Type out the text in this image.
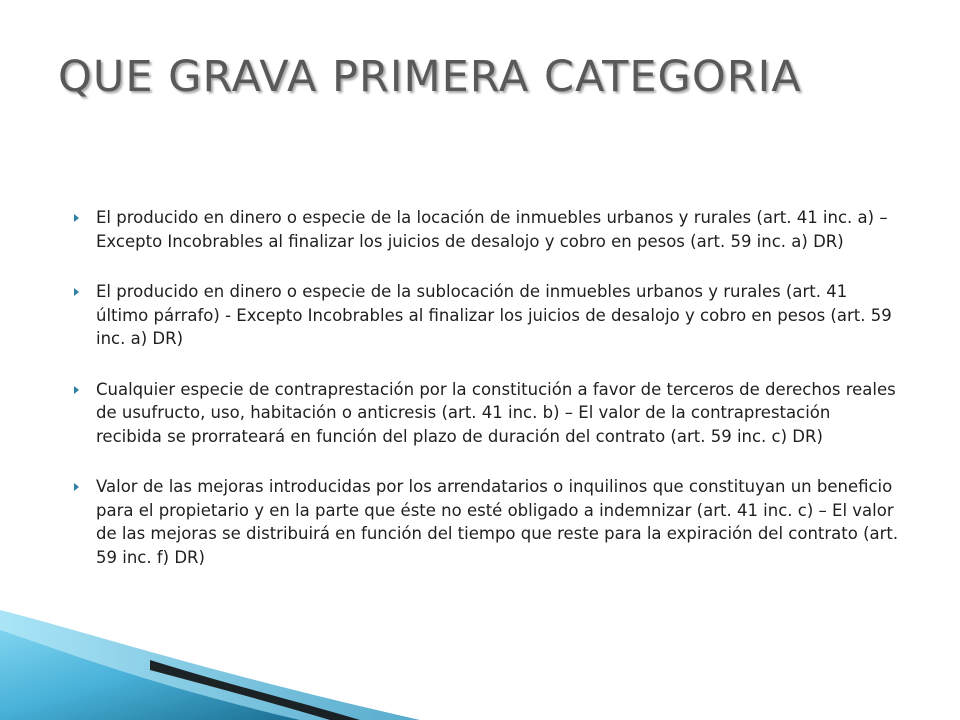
QUE GRAVA PRIMERA CATEGORIA
El producido en dinero o especie de la locación de inmuebles urbanos y rurales (art. 41 inc. a) – Excepto Incobrables al finalizar los juicios de desalojo y cobro en pesos (art. 59 inc. a) DR)
El producido en dinero o especie de la sublocación de inmuebles urbanos y rurales (art. 41 último párrafo) - Excepto Incobrables al finalizar los juicios de desalojo y cobro en pesos (art. 59 inc. a) DR)
Cualquier especie de contraprestación por la constitución a favor de terceros de derechos reales de usufructo, uso, habitación o anticresis (art. 41 inc. b) – El valor de la contraprestación recibida se prorrateará en función del plazo de duración del contrato (art. 59 inc. c) DR)
Valor de las mejoras introducidas por los arrendatarios o inquilinos que constituyan un beneficio para el propietario y en la parte que éste no esté obligado a indemnizar (art. 41 inc. c) – El valor de las mejoras se distribuirá en función del tiempo que reste para la expiración del contrato (art. 59 inc. f) DR)
